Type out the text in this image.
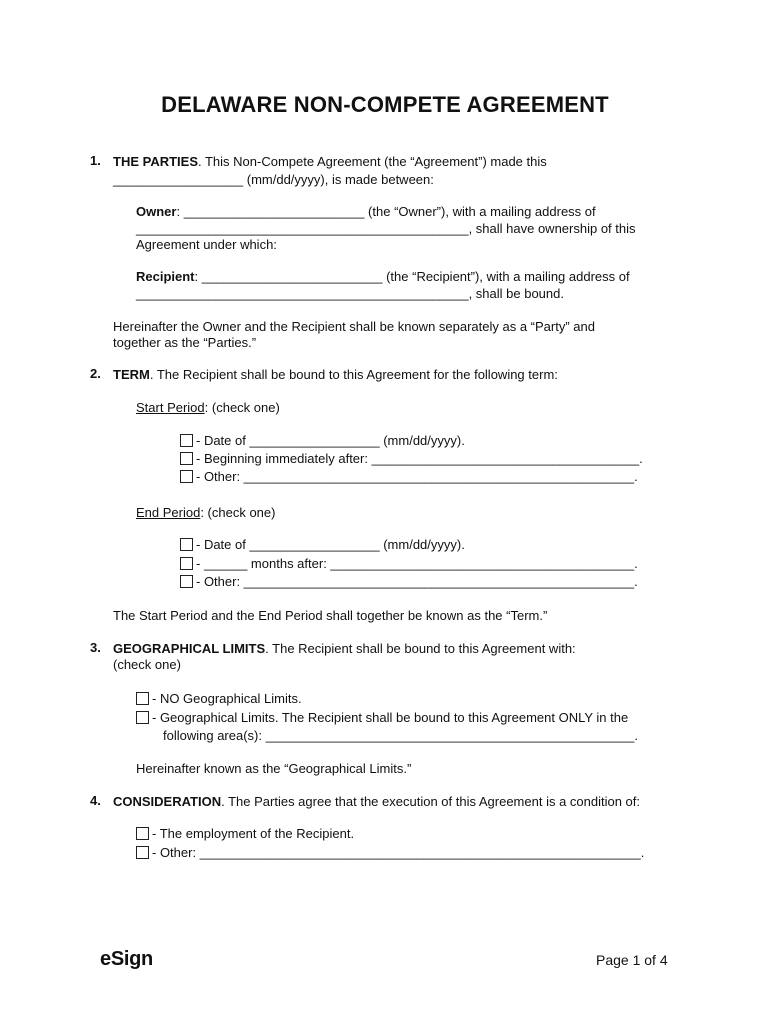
DELAWARE NON-COMPETE AGREEMENT
1. THE PARTIES. This Non-Compete Agreement (the “Agreement”) made this
__________________ (mm/dd/yyyy), is made between:
Owner: _________________________ (the “Owner”), with a mailing address of
______________________________________________, shall have ownership of this
Agreement under which:
Recipient: _________________________ (the “Recipient”), with a mailing address of
______________________________________________, shall be bound.
Hereinafter the Owner and the Recipient shall be known separately as a “Party” and
together as the “Parties.”
2. TERM. The Recipient shall be bound to this Agreement for the following term:
Start Period: (check one)
- Date of __________________ (mm/dd/yyyy).
- Beginning immediately after: _____________________________________.
- Other: ______________________________________________________.
End Period: (check one)
- Date of __________________ (mm/dd/yyyy).
- ______ months after: __________________________________________.
- Other: ______________________________________________________.
The Start Period and the End Period shall together be known as the “Term.”
3. GEOGRAPHICAL LIMITS. The Recipient shall be bound to this Agreement with:
(check one)
- NO Geographical Limits.
- Geographical Limits. The Recipient shall be bound to this Agreement ONLY in the
following area(s): ___________________________________________________.
Hereinafter known as the “Geographical Limits.”
4. CONSIDERATION. The Parties agree that the execution of this Agreement is a condition of:
- The employment of the Recipient.
- Other: _____________________________________________________________.
eSign	Page 1 of 4
